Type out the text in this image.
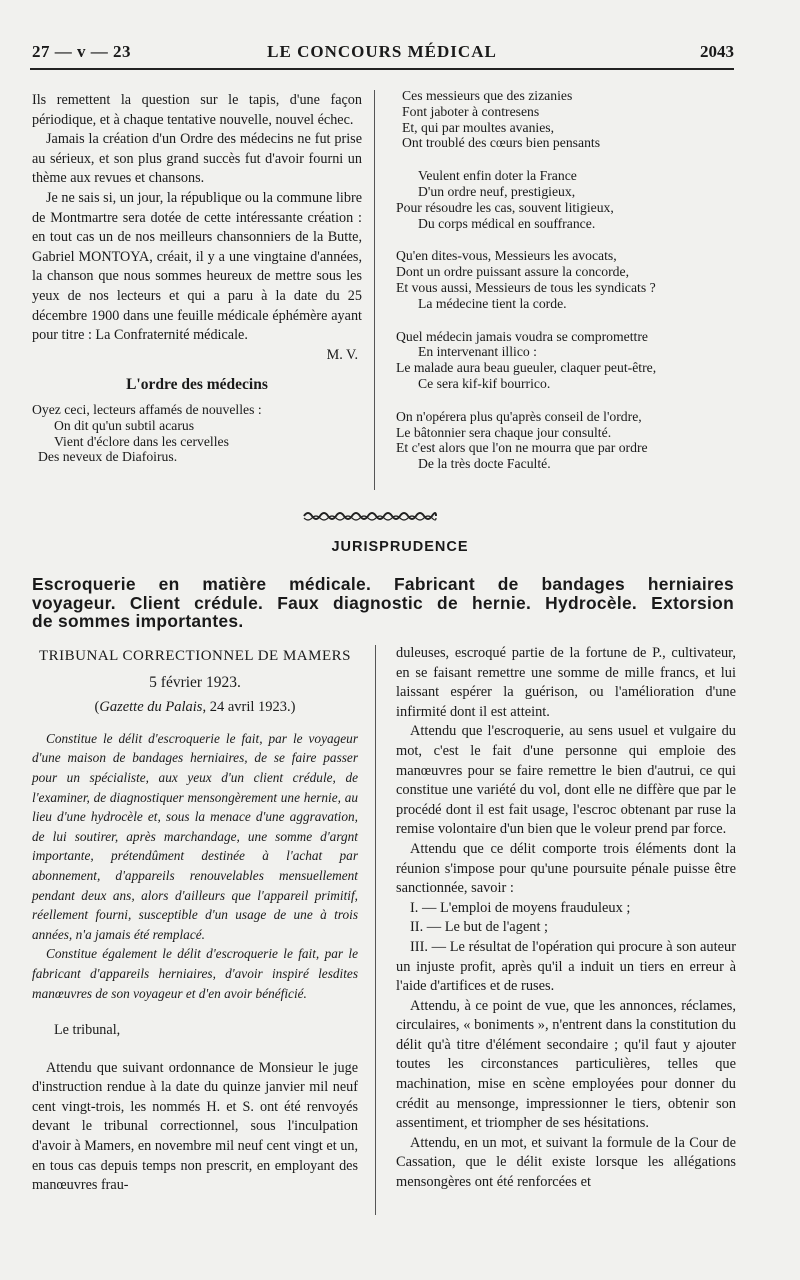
27 — v — 23	LE CONCOURS MÉDICAL	2043

Ils remettent la question sur le tapis, d'une façon périodique, et à chaque tentative nouvelle, nouvel échec.

Jamais la création d'un Ordre des médecins ne fut prise au sérieux, et son plus grand succès fut d'avoir fourni un thème aux revues et chansons.

Je ne sais si, un jour, la république ou la commune libre de Montmartre sera dotée de cette intéressante création : en tout cas un de nos meilleurs chansonniers de la Butte, Gabriel MONTOYA, créait, il y a une vingtaine d'années, la chanson que nous sommes heureux de mettre sous les yeux de nos lecteurs et qui a paru à la date du 25 décembre 1900 dans une feuille médicale éphémère ayant pour titre : La Confraternité médicale.

M. V.

L'ordre des médecins

Oyez ceci, lecteurs affamés de nouvelles :

On dit qu'un subtil acarus

Vient d'éclore dans les cervelles

Des neveux de Diafoirus.

Ces messieurs que des zizanies

Font jaboter à contresens

Et, qui par moultes avanies,

Ont troublé des cœurs bien pensants

Veulent enfin doter la France

D'un ordre neuf, prestigieux,

Pour résoudre les cas, souvent litigieux,

Du corps médical en souffrance.

Qu'en dites-vous, Messieurs les avocats,

Dont un ordre puissant assure la concorde,

Et vous aussi, Messieurs de tous les syndicats ?

La médecine tient la corde.

Quel médecin jamais voudra se compromettre

En intervenant illico :

Le malade aura beau gueuler, claquer peut-être,

Ce sera kif-kif bourrico.

On n'opérera plus qu'après conseil de l'ordre,

Le bâtonnier sera chaque jour consulté.

Et c'est alors que l'on ne mourra que par ordre

De la très docte Faculté.

JURISPRUDENCE
Escroquerie en matière médicale. Fabricant de bandages herniaires
voyageur. Client crédule. Faux diagnostic de hernie. Hydrocèle. Extorsion
de sommes importantes.

TRIBUNAL CORRECTIONNEL DE MAMERS

5 février 1923.

(Gazette du Palais, 24 avril 1923.)

Constitue le délit d'escroquerie le fait, par le voyageur d'une maison de bandages herniaires, de se faire passer pour un spécialiste, aux yeux d'un client crédule, de l'examiner, de diagnostiquer mensongèrement une hernie, au lieu d'une hydrocèle et, sous la menace d'une aggravation, de lui soutirer, après marchandage, une somme d'argnt importante, prétendûment destinée à l'achat par abonnement, d'appareils renouvelables mensuellement pendant deux ans, alors d'ailleurs que l'appareil primitif, réellement fourni, susceptible d'un usage de une à trois années, n'a jamais été remplacé.

Constitue également le délit d'escroquerie le fait, par le fabricant d'appareils herniaires, d'avoir inspiré lesdites manœuvres de son voyageur et d'en avoir bénéficié.

Le tribunal,

Attendu que suivant ordonnance de Monsieur le juge d'instruction rendue à la date du quinze janvier mil neuf cent vingt-trois, les nommés H. et S. ont été renvoyés devant le tribunal correctionnel, sous l'inculpation d'avoir à Mamers, en novembre mil neuf cent vingt et un, en tous cas depuis temps non prescrit, en employant des manœuvres frau-

duleuses, escroqué partie de la fortune de P., cultivateur, en se faisant remettre une somme de mille francs, et lui laissant espérer la guérison, ou l'amélioration d'une infirmité dont il est atteint.

Attendu que l'escroquerie, au sens usuel et vulgaire du mot, c'est le fait d'une personne qui emploie des manœuvres pour se faire remettre le bien d'autrui, ce qui constitue une variété du vol, dont elle ne diffère que par le procédé dont il est fait usage, l'escroc obtenant par ruse la remise volontaire d'un bien que le voleur prend par force.

Attendu que ce délit comporte trois éléments dont la réunion s'impose pour qu'une poursuite pénale puisse être sanctionnée, savoir :

I. — L'emploi de moyens frauduleux ;

II. — Le but de l'agent ;

III. — Le résultat de l'opération qui procure à son auteur un injuste profit, après qu'il a induit un tiers en erreur à l'aide d'artifices et de ruses.

Attendu, à ce point de vue, que les annonces, réclames, circulaires, « boniments », n'entrent dans la constitution du délit qu'à titre d'élément secondaire ; qu'il faut y ajouter toutes les circonstances particulières, telles que machination, mise en scène employées pour donner du crédit au mensonge, impressionner le tiers, obtenir son assentiment, et triompher de ses hésitations.

Attendu, en un mot, et suivant la formule de la Cour de Cassation, que le délit existe lorsque les allégations mensongères ont été renforcées et
